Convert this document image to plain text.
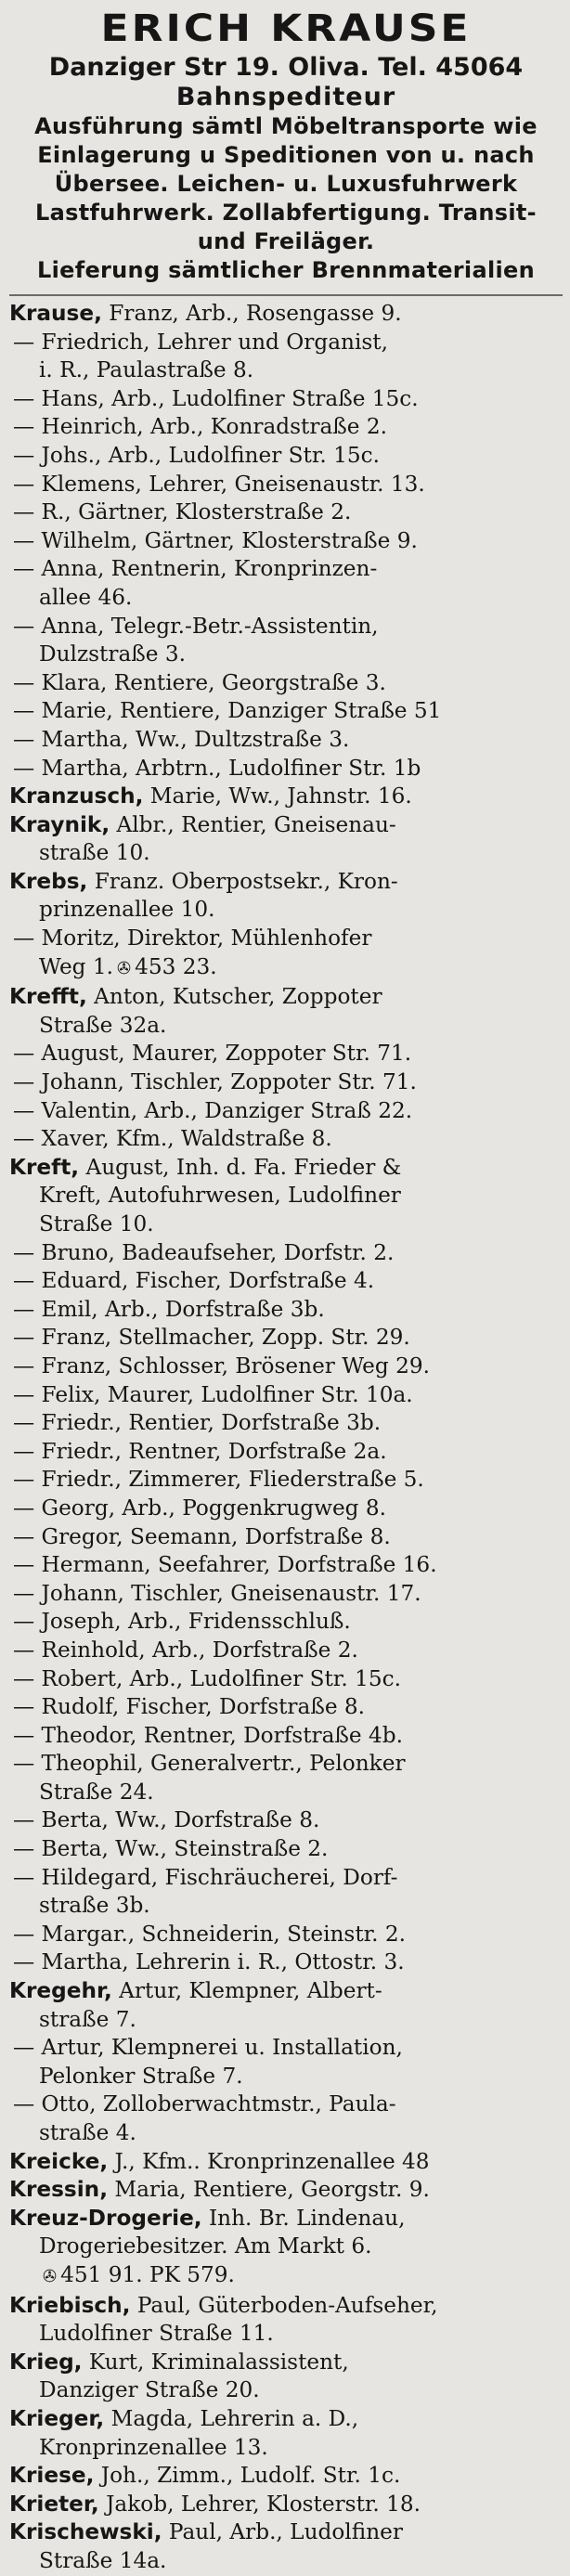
ERICH KRAUSE
Danziger Str 19. Oliva. Tel. 45064
Bahnspediteur
Ausführung sämtl Möbeltransporte wie
Einlagerung u Speditionen von u. nach
Übersee. Leichen- u. Luxusfuhrwerk
Lastfuhrwerk. Zollabfertigung. Transit-
und Freiläger.
Lieferung sämtlicher Brennmaterialien
Krause, Franz, Arb., Rosengasse 9.
— Friedrich, Lehrer und Organist,
i. R., Paulastraße 8.
— Hans, Arb., Ludolfiner Straße 15c.
— Heinrich, Arb., Konradstraße 2.
— Johs., Arb., Ludolfiner Str. 15c.
— Klemens, Lehrer, Gneisenaustr. 13.
— R., Gärtner, Klosterstraße 2.
— Wilhelm, Gärtner, Klosterstraße 9.
— Anna, Rentnerin, Kronprinzen-
allee 46.
— Anna, Telegr.-Betr.-Assistentin,
Dulzstraße 3.
— Klara, Rentiere, Georgstraße 3.
— Marie, Rentiere, Danziger Straße 51
— Martha, Ww., Dultzstraße 3.
— Martha, Arbtrn., Ludolfiner Str. 1b
Kranzusch, Marie, Ww., Jahnstr. 16.
Kraynik, Albr., Rentier, Gneisenau-
straße 10.
Krebs, Franz. Oberpostsekr., Kron-
prinzenallee 10.
— Moritz, Direktor, Mühlenhofer
Weg 1. ✇ 453 23.
Krefft, Anton, Kutscher, Zoppoter
Straße 32a.
— August, Maurer, Zoppoter Str. 71.
— Johann, Tischler, Zoppoter Str. 71.
— Valentin, Arb., Danziger Straß 22.
— Xaver, Kfm., Waldstraße 8.
Kreft, August, Inh. d. Fa. Frieder &
Kreft, Autofuhrwesen, Ludolfiner
Straße 10.
— Bruno, Badeaufseher, Dorfstr. 2.
— Eduard, Fischer, Dorfstraße 4.
— Emil, Arb., Dorfstraße 3b.
— Franz, Stellmacher, Zopp. Str. 29.
— Franz, Schlosser, Brösener Weg 29.
— Felix, Maurer, Ludolfiner Str. 10a.
— Friedr., Rentier, Dorfstraße 3b.
— Friedr., Rentner, Dorfstraße 2a.
— Friedr., Zimmerer, Fliederstraße 5.
— Georg, Arb., Poggenkrugweg 8.
— Gregor, Seemann, Dorfstraße 8.
— Hermann, Seefahrer, Dorfstraße 16.
— Johann, Tischler, Gneisenaustr. 17.
— Joseph, Arb., Fridensschluß.
— Reinhold, Arb., Dorfstraße 2.
— Robert, Arb., Ludolfiner Str. 15c.
— Rudolf, Fischer, Dorfstraße 8.
— Theodor, Rentner, Dorfstraße 4b.
— Theophil, Generalvertr., Pelonker
Straße 24.
— Berta, Ww., Dorfstraße 8.
— Berta, Ww., Steinstraße 2.
— Hildegard, Fischräucherei, Dorf-
straße 3b.
— Margar., Schneiderin, Steinstr. 2.
— Martha, Lehrerin i. R., Ottostr. 3.
Kregehr, Artur, Klempner, Albert-
straße 7.
— Artur, Klempnerei u. Installation,
Pelonker Straße 7.
— Otto, Zolloberwachtmstr., Paula-
straße 4.
Kreicke, J., Kfm.. Kronprinzenallee 48
Kressin, Maria, Rentiere, Georgstr. 9.
Kreuz-Drogerie, Inh. Br. Lindenau,
Drogeriebesitzer. Am Markt 6.
✇ 451 91. PK 579.
Kriebisch, Paul, Güterboden-Aufseher,
Ludolfiner Straße 11.
Krieg, Kurt, Kriminalassistent,
Danziger Straße 20.
Krieger, Magda, Lehrerin a. D.,
Kronprinzenallee 13.
Kriese, Joh., Zimm., Ludolf. Str. 1c.
Krieter, Jakob, Lehrer, Klosterstr. 18.
Krischewski, Paul, Arb., Ludolfiner
Straße 14a.
